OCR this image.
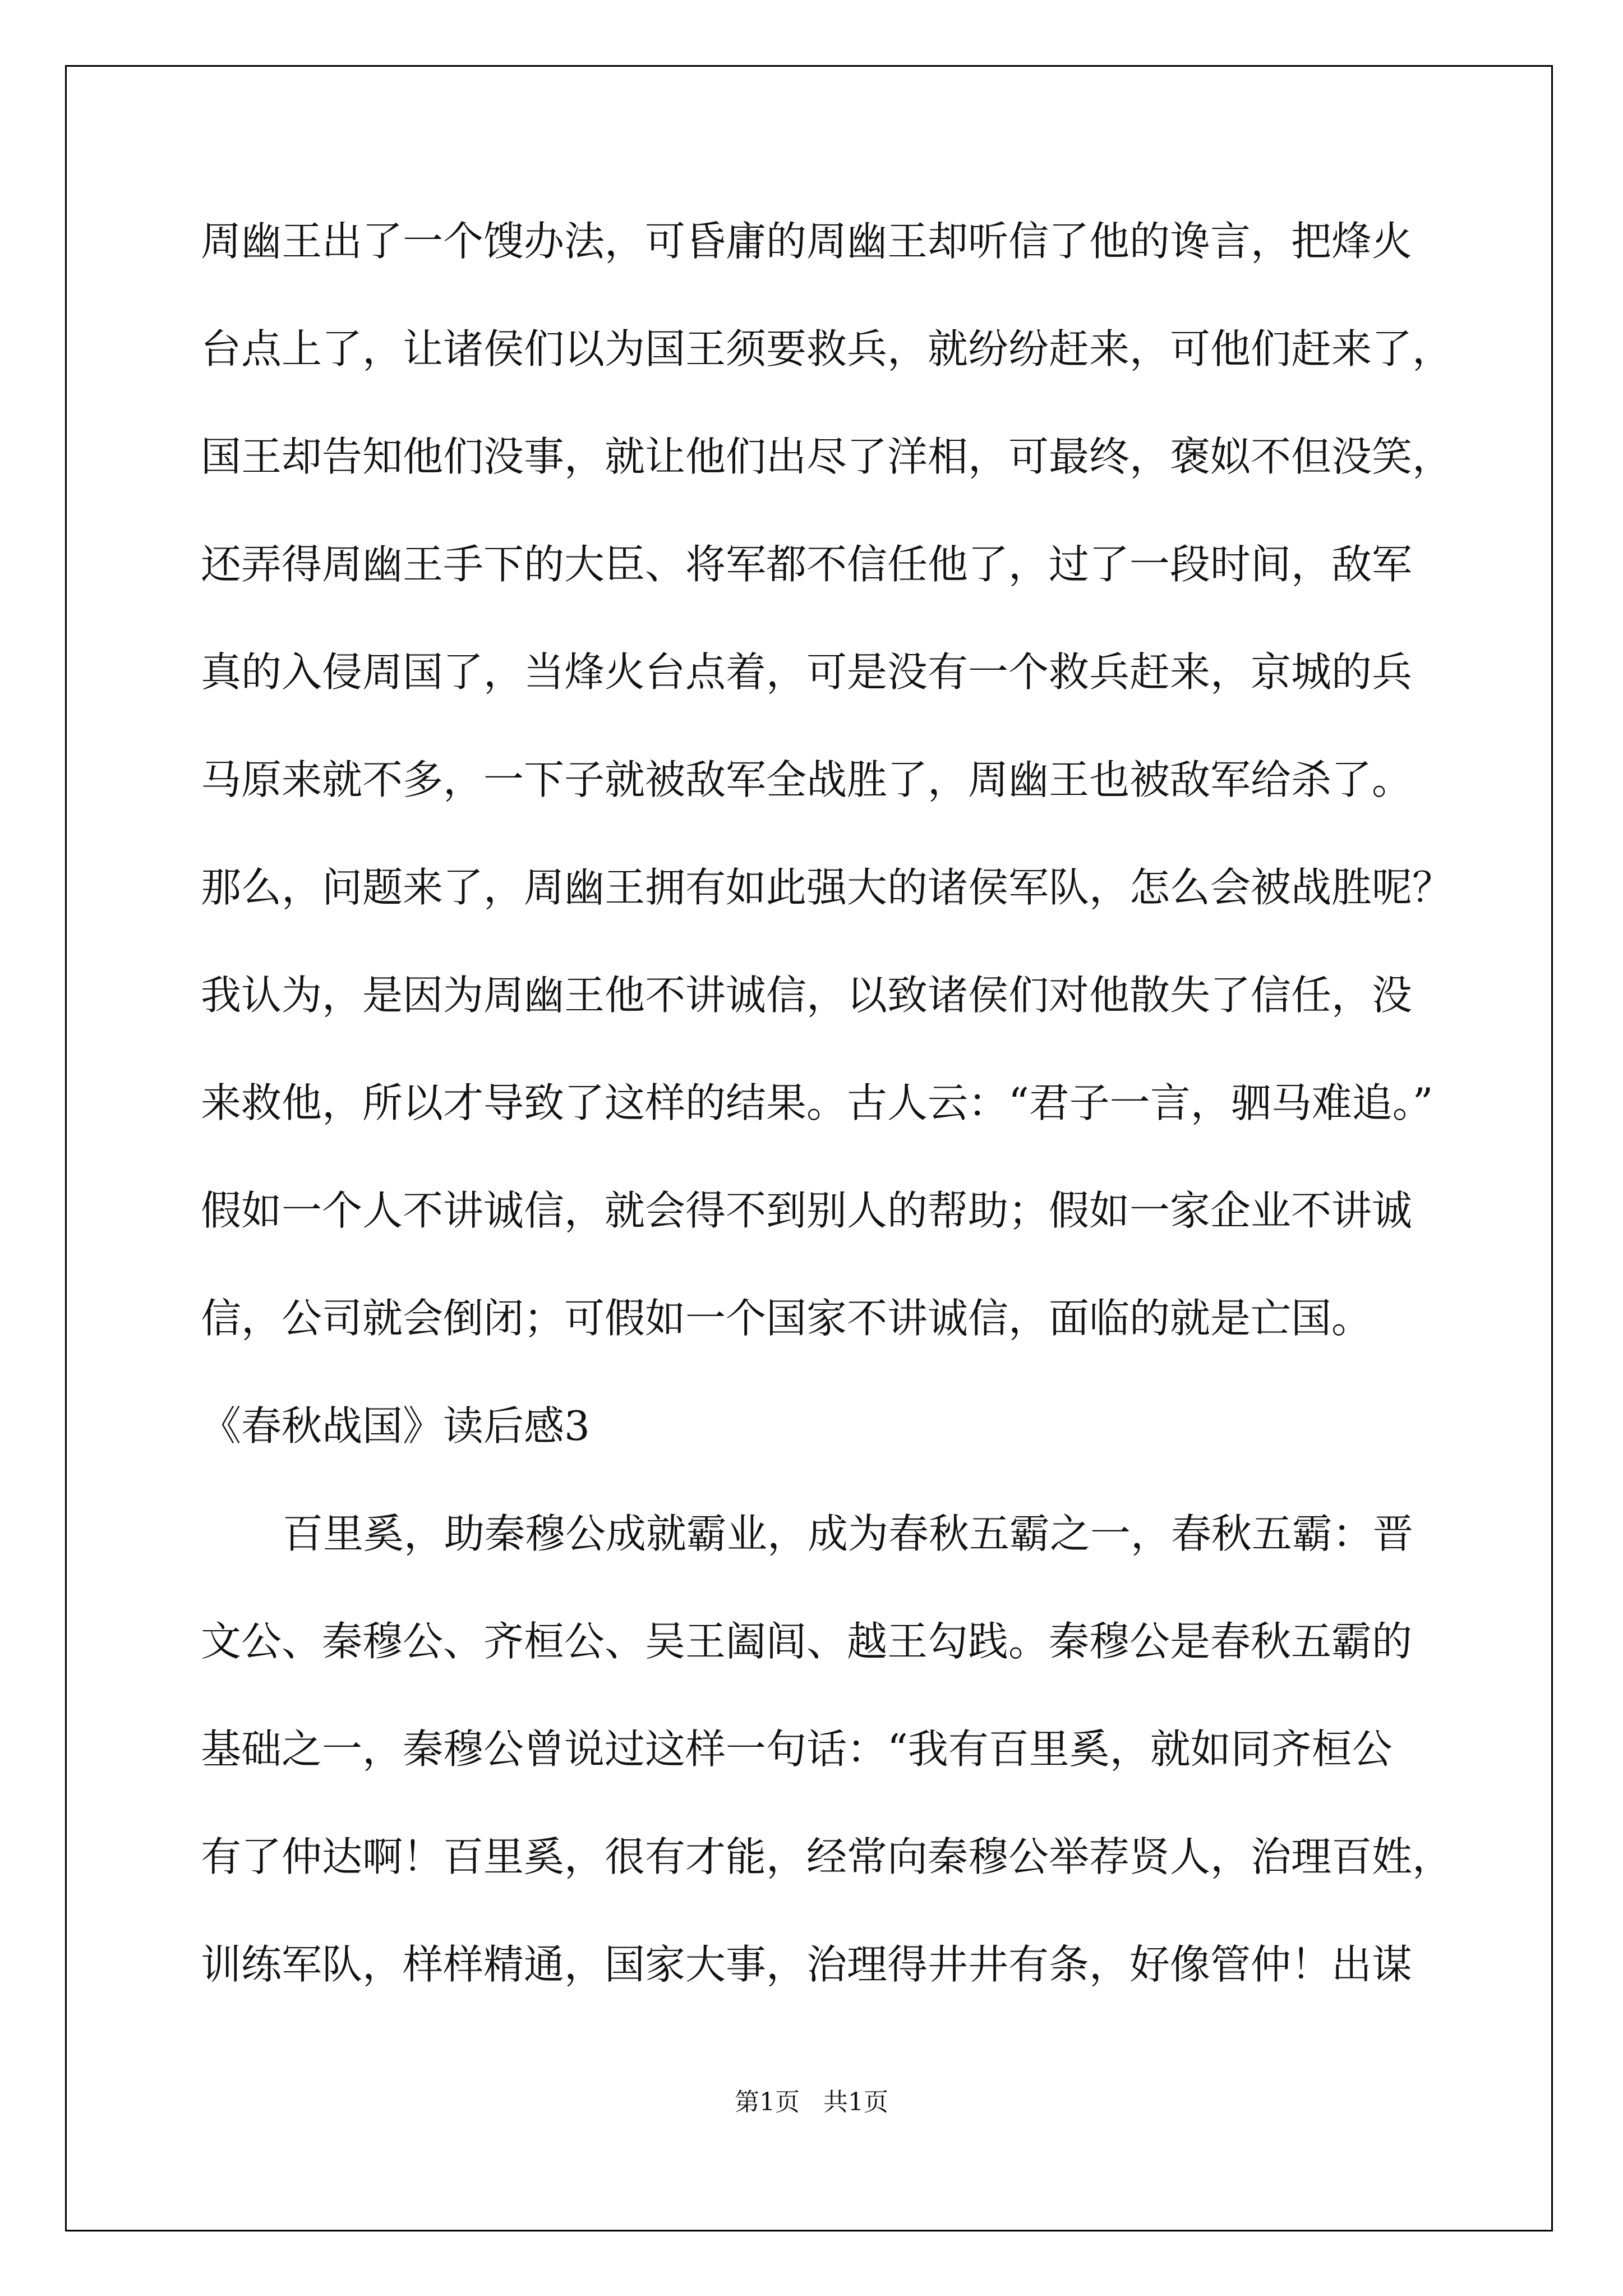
周幽王出了一个馊办法，可昏庸的周幽王却听信了他的谗言，把烽火

台点上了，让诸侯们以为国王须要救兵，就纷纷赶来，可他们赶来了，

国王却告知他们没事，就让他们出尽了洋相，可最终，褒姒不但没笑，

还弄得周幽王手下的大臣、将军都不信任他了，过了一段时间，敌军

真的入侵周国了，当烽火台点着，可是没有一个救兵赶来，京城的兵

马原来就不多，一下子就被敌军全战胜了，周幽王也被敌军给杀了。

那么，问题来了，周幽王拥有如此强大的诸侯军队，怎么会被战胜呢？

我认为，是因为周幽王他不讲诚信，以致诸侯们对他散失了信任，没

来救他，所以才导致了这样的结果。古人云：“君子一言，驷马难追。”

假如一个人不讲诚信，就会得不到别人的帮助；假如一家企业不讲诚

信，公司就会倒闭；可假如一个国家不讲诚信，面临的就是亡国。

《春秋战国》读后感3

百里奚，助秦穆公成就霸业，成为春秋五霸之一，春秋五霸：晋

文公、秦穆公、齐桓公、吴王阖闾、越王勾践。秦穆公是春秋五霸的

基础之一，秦穆公曾说过这样一句话：“我有百里奚，就如同齐桓公

有了仲达啊！百里奚，很有才能，经常向秦穆公举荐贤人，治理百姓，

训练军队，样样精通，国家大事，治理得井井有条，好像管仲！出谋

第1页   共1页
